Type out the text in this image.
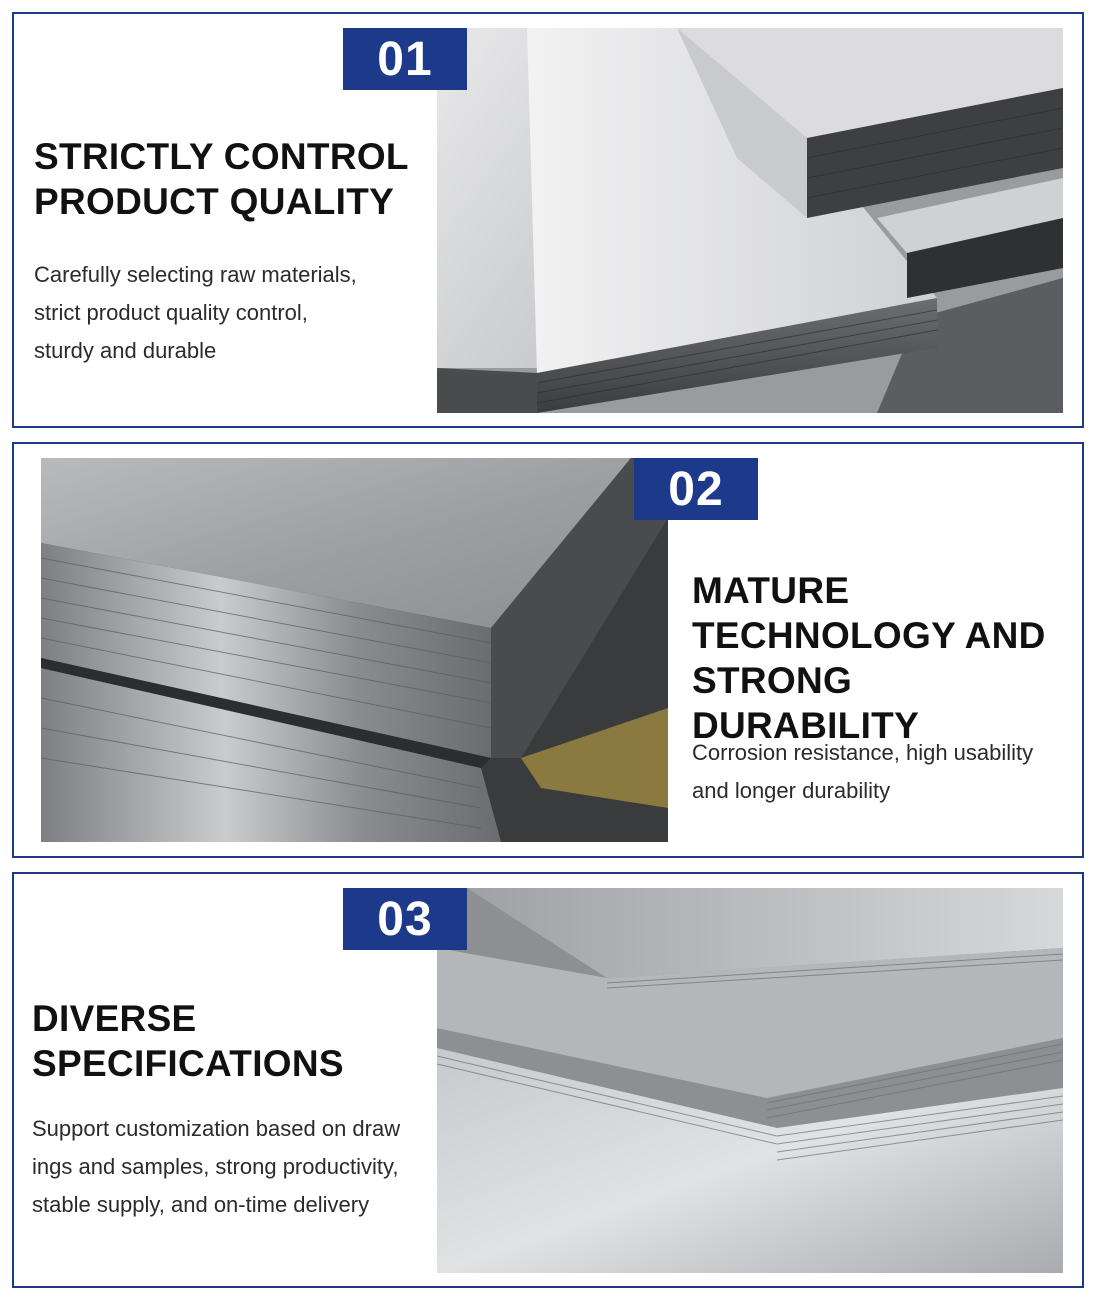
01
STRICTLY CONTROL
PRODUCT QUALITY

Carefully selecting raw materials,
strict product quality control,
sturdy and durable

02
MATURE
TECHNOLOGY AND
STRONG DURABILITY

Corrosion resistance, high usability
and longer durability

03
DIVERSE
SPECIFICATIONS

Support customization based on draw
ings and samples, strong productivity,
stable supply, and on-time delivery
